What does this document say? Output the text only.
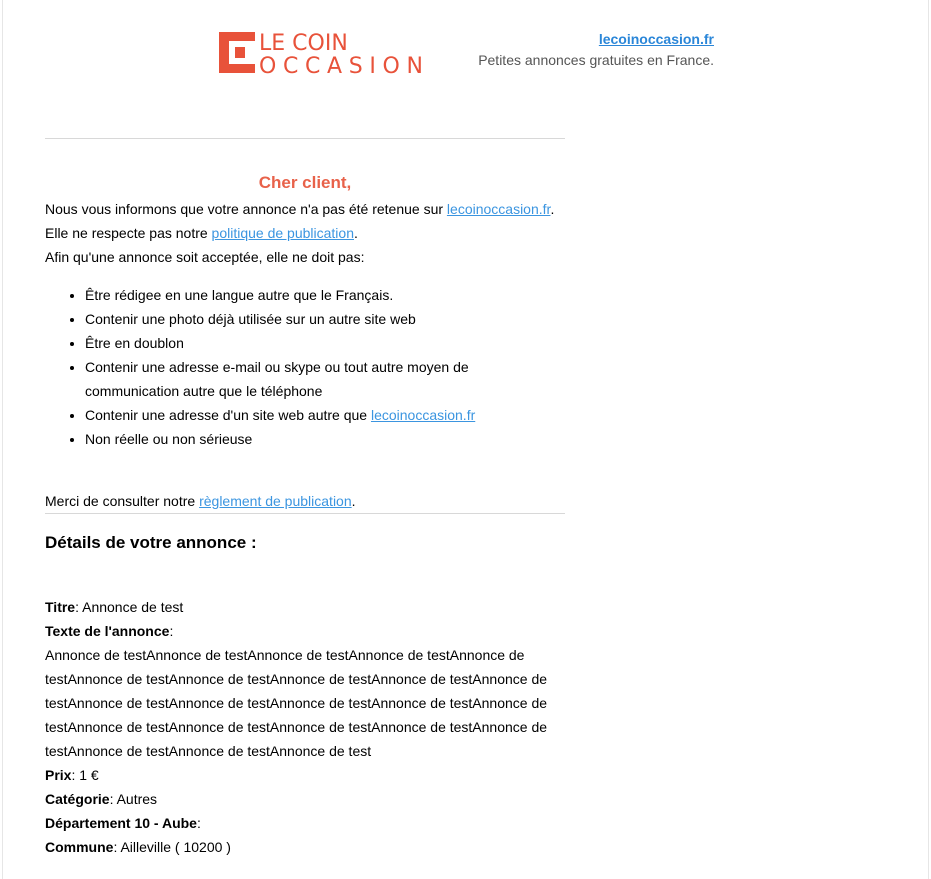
LE COIN
OCCASION
lecoinoccasion.fr
Petites annonces gratuites en France.
Cher client,

Nous vous informons que votre annonce n'a pas été retenue sur lecoinoccasion.fr.

Elle ne respecte pas notre politique de publication.

Afin qu'une annonce soit acceptée, elle ne doit pas:

• Être rédigee en une langue autre que le Français.
• Contenir une photo déjà utilisée sur un autre site web
• Être en doublon
• Contenir une adresse e-mail ou skype ou tout autre moyen de communication autre que le téléphone
• Contenir une adresse d'un site web autre que lecoinoccasion.fr
• Non réelle ou non sérieuse

Merci de consulter notre règlement de publication.

Détails de votre annonce :
Titre: Annonce de test
Texte de l'annonce:
Annonce de testAnnonce de testAnnonce de testAnnonce de testAnnonce de testAnnonce de testAnnonce de testAnnonce de testAnnonce de testAnnonce de testAnnonce de testAnnonce de testAnnonce de testAnnonce de testAnnonce de testAnnonce de testAnnonce de testAnnonce de testAnnonce de testAnnonce de testAnnonce de testAnnonce de testAnnonce de test
Prix: 1 €
Catégorie: Autres
Département 10 - Aube:
Commune: Ailleville ( 10200 )
